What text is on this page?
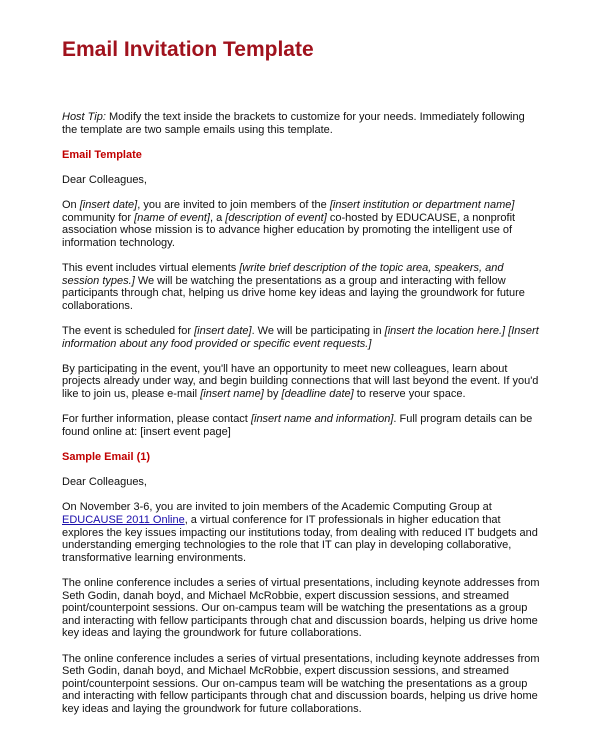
Email Invitation Template

Host Tip: Modify the text inside the brackets to customize for your needs. Immediately following the template are two sample emails using this template.

Email Template

Dear Colleagues,

On [insert date], you are invited to join members of the [insert institution or department name] community for [name of event], a [description of event] co-hosted by EDUCAUSE, a nonprofit association whose mission is to advance higher education by promoting the intelligent use of information technology.

This event includes virtual elements [write brief description of the topic area, speakers, and session types.] We will be watching the presentations as a group and interacting with fellow participants through chat, helping us drive home key ideas and laying the groundwork for future collaborations.

The event is scheduled for [insert date]. We will be participating in [insert the location here.] [Insert information about any food provided or specific event requests.]

By participating in the event, you'll have an opportunity to meet new colleagues, learn about projects already under way, and begin building connections that will last beyond the event. If you'd like to join us, please e-mail [insert name] by [deadline date] to reserve your space.

For further information, please contact [insert name and information]. Full program details can be found online at: [insert event page]

Sample Email (1)

Dear Colleagues,

On November 3-6, you are invited to join members of the Academic Computing Group at EDUCAUSE 2011 Online, a virtual conference for IT professionals in higher education that explores the key issues impacting our institutions today, from dealing with reduced IT budgets and understanding emerging technologies to the role that IT can play in developing collaborative, transformative learning environments.

The online conference includes a series of virtual presentations, including keynote addresses from Seth Godin, danah boyd, and Michael McRobbie, expert discussion sessions, and streamed point/counterpoint sessions. Our on-campus team will be watching the presentations as a group and interacting with fellow participants through chat and discussion boards, helping us drive home key ideas and laying the groundwork for future collaborations.

The online conference includes a series of virtual presentations, including keynote addresses from Seth Godin, danah boyd, and Michael McRobbie, expert discussion sessions, and streamed point/counterpoint sessions. Our on-campus team will be watching the presentations as a group and interacting with fellow participants through chat and discussion boards, helping us drive home key ideas and laying the groundwork for future collaborations.
